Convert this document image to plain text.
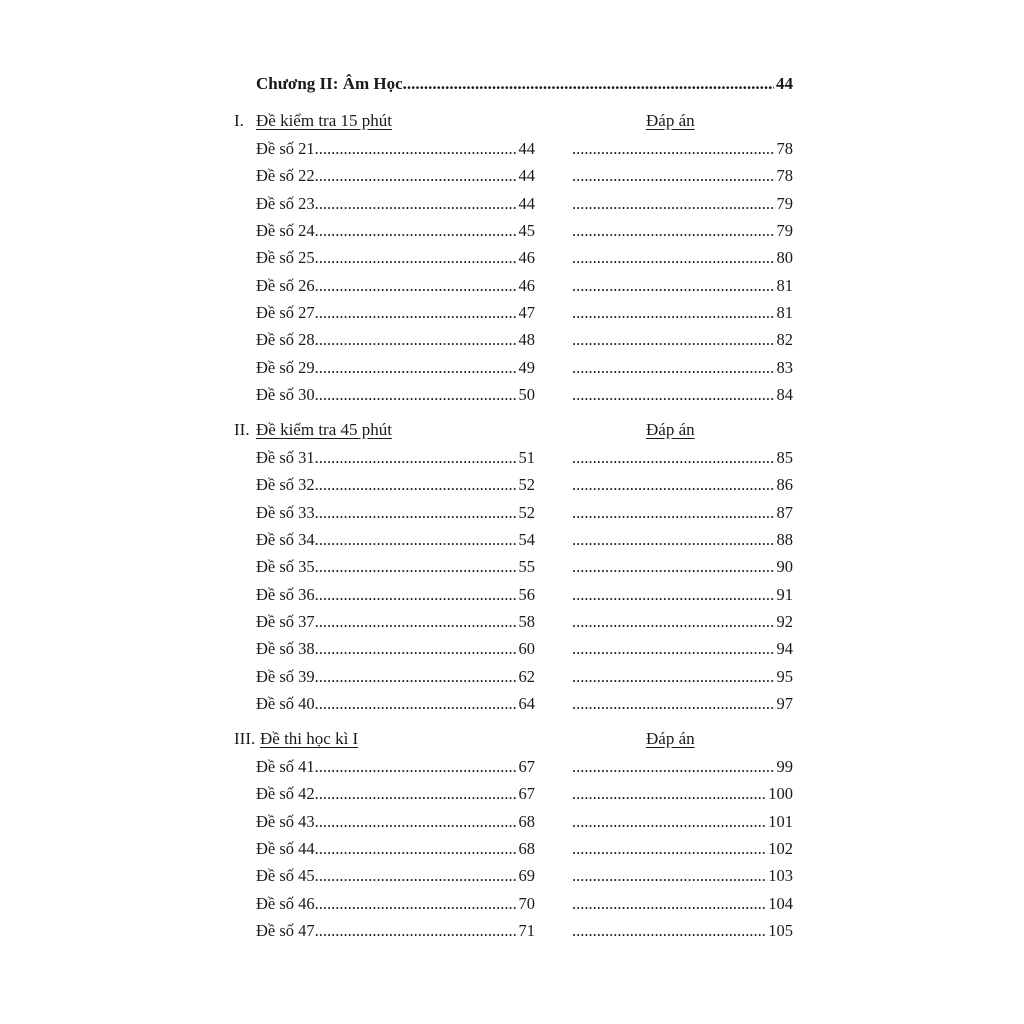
Chương II: Âm Học .....	44
I. Đề kiểm tra 15 phút	Đáp án
Đề số 21 .....	44 .....	78
Đề số 22 .....	44 .....	78
Đề số 23 .....	44 .....	79
Đề số 24 .....	45 .....	79
Đề số 25 .....	46 .....	80
Đề số 26 .....	46 .....	81
Đề số 27 .....	47 .....	81
Đề số 28 .....	48 .....	82
Đề số 29 .....	49 .....	83
Đề số 30 .....	50 .....	84
II. Đề kiểm tra 45 phút	Đáp án
Đề số 31 .....	51 .....	85
Đề số 32 .....	52 .....	86
Đề số 33 .....	52 .....	87
Đề số 34 .....	54 .....	88
Đề số 35 .....	55 .....	90
Đề số 36 .....	56 .....	91
Đề số 37 .....	58 .....	92
Đề số 38 .....	60 .....	94
Đề số 39 .....	62 .....	95
Đề số 40 .....	64 .....	97
III. Đề thi học kì I	Đáp án
Đề số 41 .....	67 .....	99
Đề số 42 .....	67 .....	100
Đề số 43 .....	68 .....	101
Đề số 44 .....	68 .....	102
Đề số 45 .....	69 .....	103
Đề số 46 .....	70 .....	104
Đề số 47 .....	71 .....	105
